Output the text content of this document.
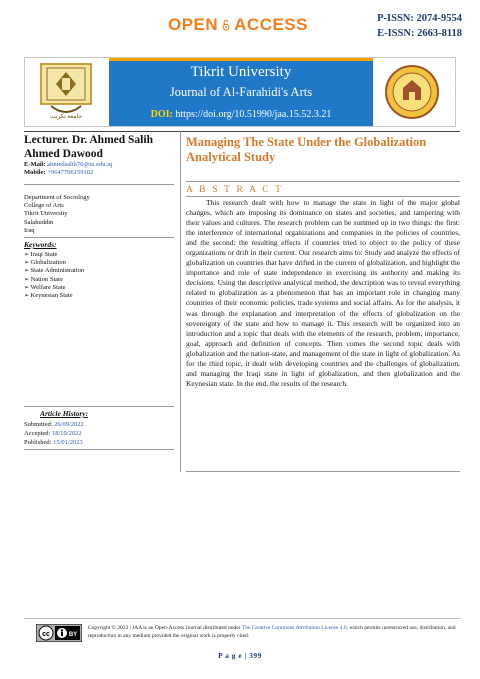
OPEN ACCESS	P-ISSN: 2074-9554
E-ISSN: 2663-8118
جامعة تكريت
Tikrit University
Journal of Al-Farahidi's Arts
DOI: https://doi.org/10.51990/jaa.15.52.3.21
Lecturer. Dr. Ahmed Salih Ahmed Dawood
E-Mail: ahmedsalih76@tu.edu.iq
Mobile: +9647706159102
Department of Sociology
College of Arts
Tikrit University
Salahuddin
Iraq
Keywords:
➢ Iraqi State
➢ Globalization
➢ State Administration
➢ Nation State
➢ Welfare State
➢ Keynesian State
Article History:
Submitted: 26/09/2022
Accepted: 18/10/2022
Published: 15/01/2023
Managing The State Under the Globalization Analytical Study
A B S T R A C T
This research dealt with how to manage the state in light of the major global changes, which are imposing its dominance on states and societies, and tampering with their values and cultures. The research problem can be summed up in two things: the first: the interference of international organizations and companies in the policies of countries, and the second: the resulting effects if countries tried to object to the policy of these organizations or drift in their current. Our research aims to: Study and analyze the effects of globalization on countries that have drifted in the current of globalization, and highlight the importance and role of state independence in exercising its authority and making its decisions. Using the descriptive analytical method, the description was to reveal everything related to globalization as a phenomenon that has an important role in changing many countries of their economic policies, trade systems and social affairs. As for the analysis, it was through the explanation and interpretation of the effects of globalization on the sovereignty of the state and how to manage it. This research will be organized into an introduction and a topic that deals with the elements of the research, problem, importance, goal, approach and definition of concepts. Then comes the second topic deals with globalization and the nation-state, and management of the state in light of globalization. As for the third topic, it dealt with developing countries and the challenges of globalization, and managing the Iraqi state in light of globalization, and then globalization and the Keynesian state. In the end, the results of the research.
cc	BY
Copyright © 2023 | JAA is an Open-Access Journal distributed under The Creative Commons Attribution License 4.0, which permits unrestricted use, distribution, and reproduction in any medium provided the original work is properly cited.
P a g e | 399
